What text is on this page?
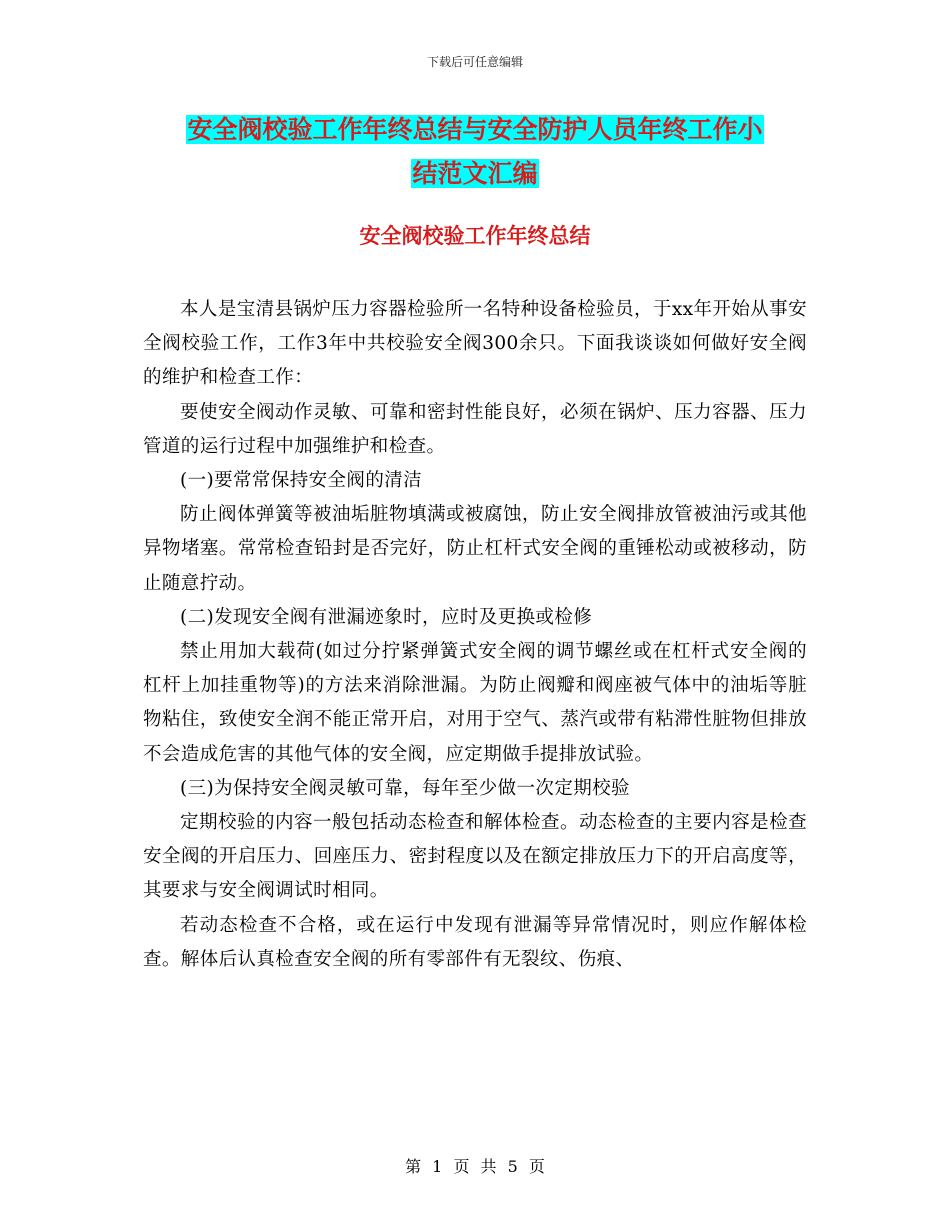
下载后可任意编辑
安全阀校验工作年终总结与安全防护人员年终工作小
结范文汇编
安全阀校验工作年终总结

本人是宝清县锅炉压力容器检验所一名特种设备检验员，于xx年开始从事安全阀校验工作，工作3年中共校验安全阀300余只。下面我谈谈如何做好安全阀的维护和检查工作：

要使安全阀动作灵敏、可靠和密封性能良好，必须在锅炉、压力容器、压力管道的运行过程中加强维护和检查。

(一)要常常保持安全阀的清洁

防止阀体弹簧等被油垢脏物填满或被腐蚀，防止安全阀排放管被油污或其他异物堵塞。常常检查铅封是否完好，防止杠杆式安全阀的重锤松动或被移动，防止随意拧动。

(二)发现安全阀有泄漏迹象时，应时及更换或检修

禁止用加大载荷(如过分拧紧弹簧式安全阀的调节螺丝或在杠杆式安全阀的杠杆上加挂重物等)的方法来消除泄漏。为防止阀瓣和阀座被气体中的油垢等脏物粘住，致使安全润不能正常开启，对用于空气、蒸汽或带有粘滞性脏物但排放不会造成危害的其他气体的安全阀，应定期做手提排放试验。

(三)为保持安全阀灵敏可靠，每年至少做一次定期校验

定期校验的内容一般包括动态检查和解体检查。动态检查的主要内容是检查安全阀的开启压力、回座压力、密封程度以及在额定排放压力下的开启高度等，其要求与安全阀调试时相同。

若动态检查不合格，或在运行中发现有泄漏等异常情况时，则应作解体检查。解体后认真检查安全阀的所有零部件有无裂纹、伤痕、

第 1 页 共 5 页
